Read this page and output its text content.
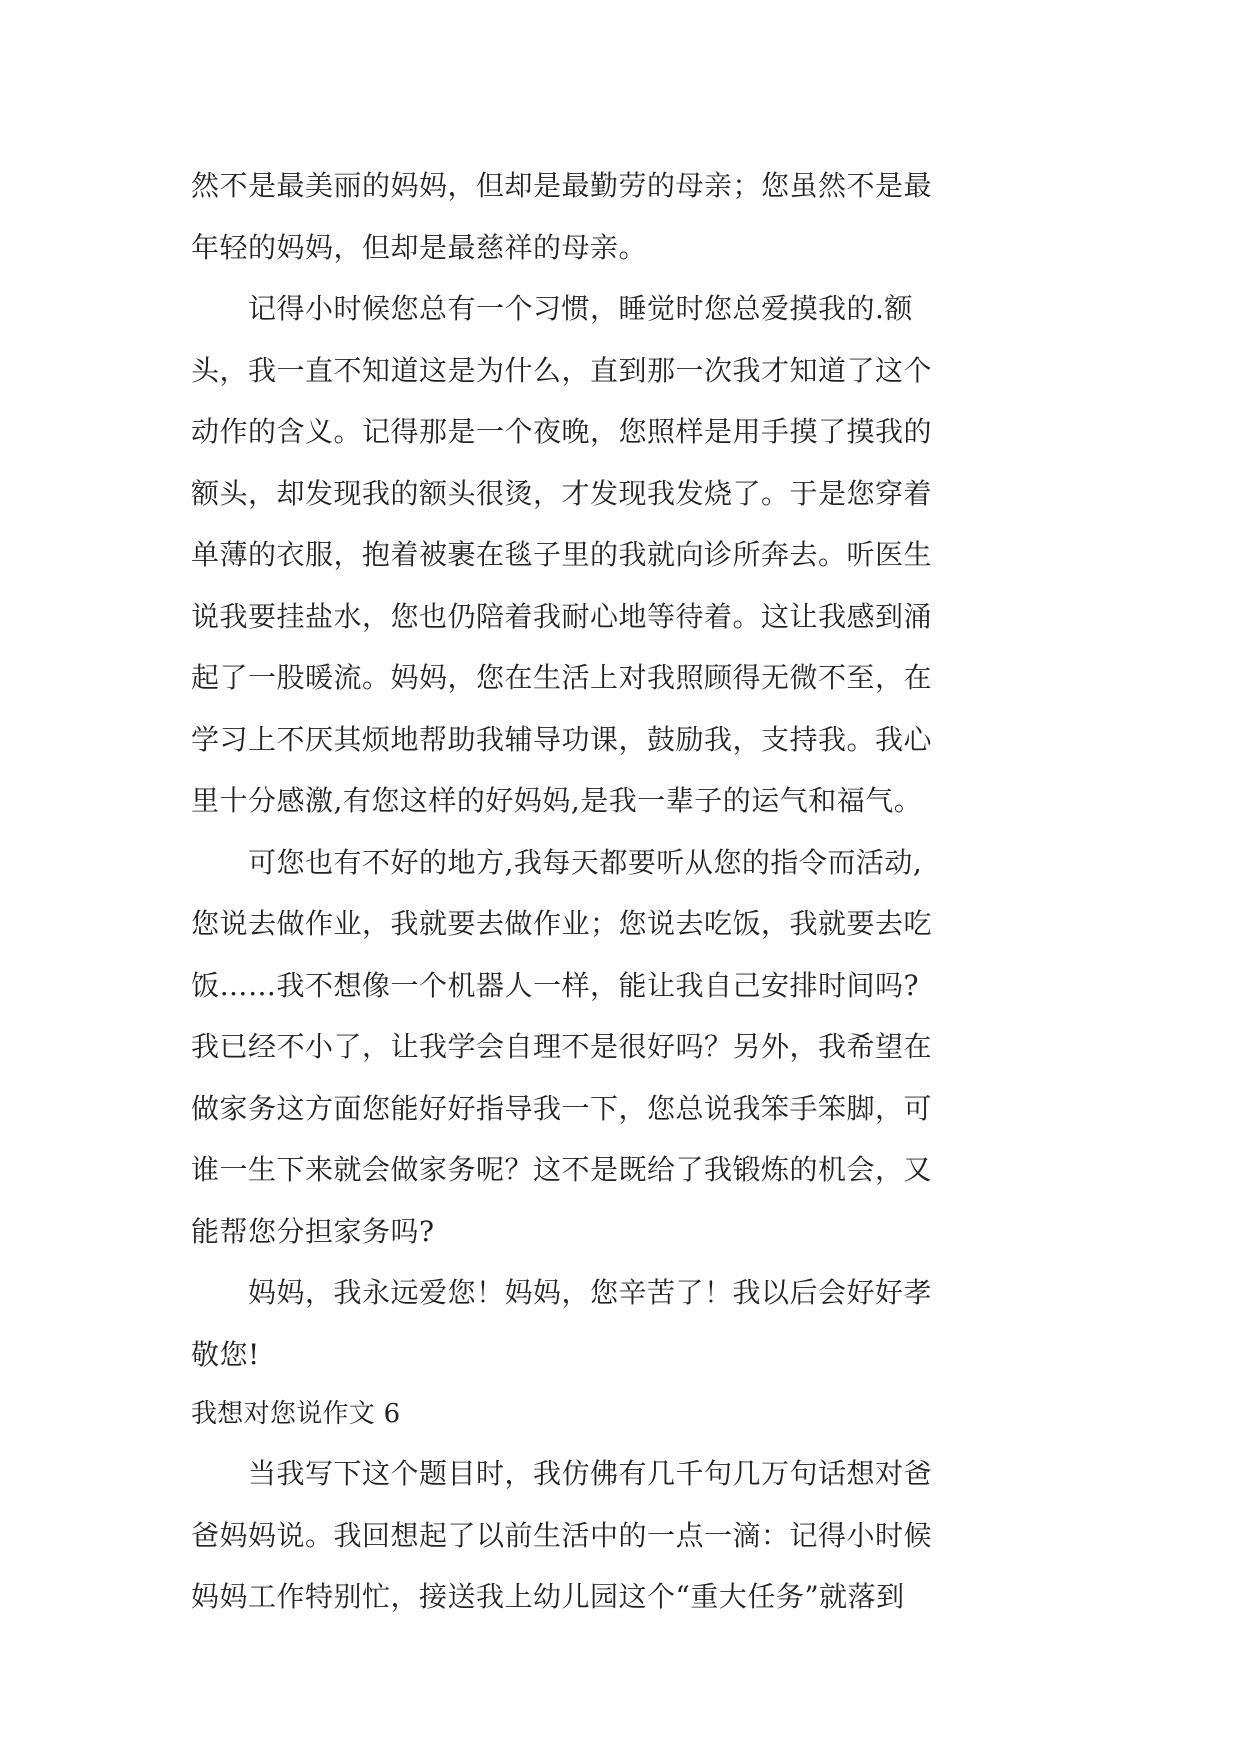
然不是最美丽的妈妈，但却是最勤劳的母亲；您虽然不是最
年轻的妈妈，但却是最慈祥的母亲。
　　记得小时候您总有一个习惯，睡觉时您总爱摸我的.额
头，我一直不知道这是为什么，直到那一次我才知道了这个
动作的含义。记得那是一个夜晚，您照样是用手摸了摸我的
额头，却发现我的额头很烫，才发现我发烧了。于是您穿着
单薄的衣服，抱着被裹在毯子里的我就向诊所奔去。听医生
说我要挂盐水，您也仍陪着我耐心地等待着。这让我感到涌
起了一股暖流。妈妈，您在生活上对我照顾得无微不至，在
学习上不厌其烦地帮助我辅导功课，鼓励我，支持我。我心
里十分感激,有您这样的好妈妈,是我一辈子的运气和福气。
　　可您也有不好的地方,我每天都要听从您的指令而活动,
您说去做作业，我就要去做作业；您说去吃饭，我就要去吃
饭……我不想像一个机器人一样，能让我自己安排时间吗?
我已经不小了，让我学会自理不是很好吗？另外，我希望在
做家务这方面您能好好指导我一下，您总说我笨手笨脚，可
谁一生下来就会做家务呢？这不是既给了我锻炼的机会，又
能帮您分担家务吗?
　　妈妈，我永远爱您！妈妈，您辛苦了！我以后会好好孝
敬您!
我想对您说作文 6
　　当我写下这个题目时，我仿佛有几千句几万句话想对爸
爸妈妈说。我回想起了以前生活中的一点一滴：记得小时候
妈妈工作特别忙，接送我上幼儿园这个“重大任务”就落到
